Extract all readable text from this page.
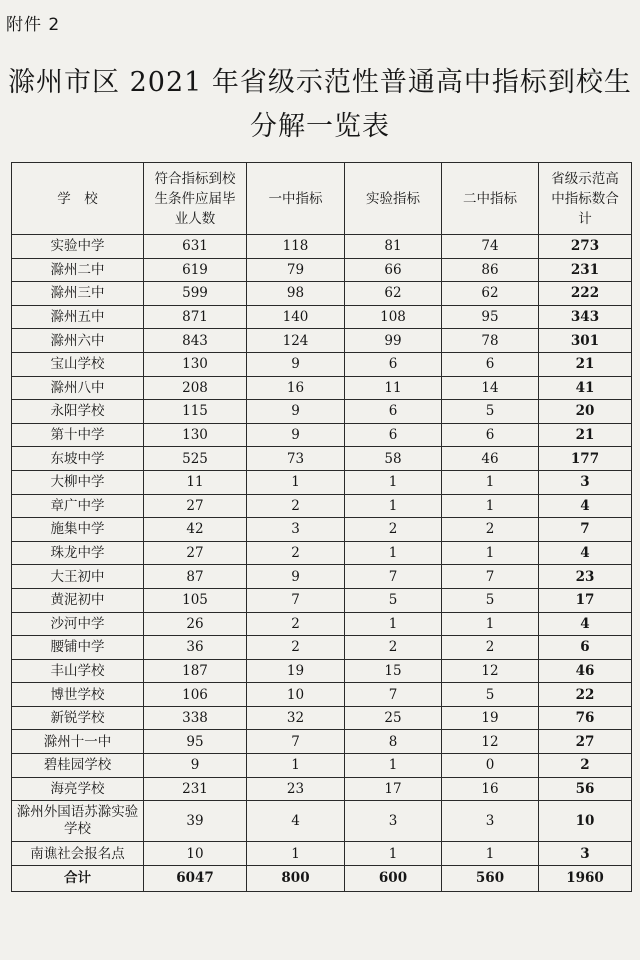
附件 2
滁州市区 2021 年省级示范性普通高中指标到校生
分解一览表
学　校	符合指标到校生条件应届毕业人数	一中指标	实验指标	二中指标	省级示范高中指标数合计
实验中学	631	118	81	74	273
滁州二中	619	79	66	86	231
滁州三中	599	98	62	62	222
滁州五中	871	140	108	95	343
滁州六中	843	124	99	78	301
宝山学校	130	9	6	6	21
滁州八中	208	16	11	14	41
永阳学校	115	9	6	5	20
第十中学	130	9	6	6	21
东坡中学	525	73	58	46	177
大柳中学	11	1	1	1	3
章广中学	27	2	1	1	4
施集中学	42	3	2	2	7
珠龙中学	27	2	1	1	4
大王初中	87	9	7	7	23
黄泥初中	105	7	5	5	17
沙河中学	26	2	1	1	4
腰铺中学	36	2	2	2	6
丰山学校	187	19	15	12	46
博世学校	106	10	7	5	22
新锐学校	338	32	25	19	76
滁州十一中	95	7	8	12	27
碧桂园学校	9	1	1	0	2
海亮学校	231	23	17	16	56
滁州外国语苏滁实验学校	39	4	3	3	10
南谯社会报名点	10	1	1	1	3
合计	6047	800	600	560	1960
